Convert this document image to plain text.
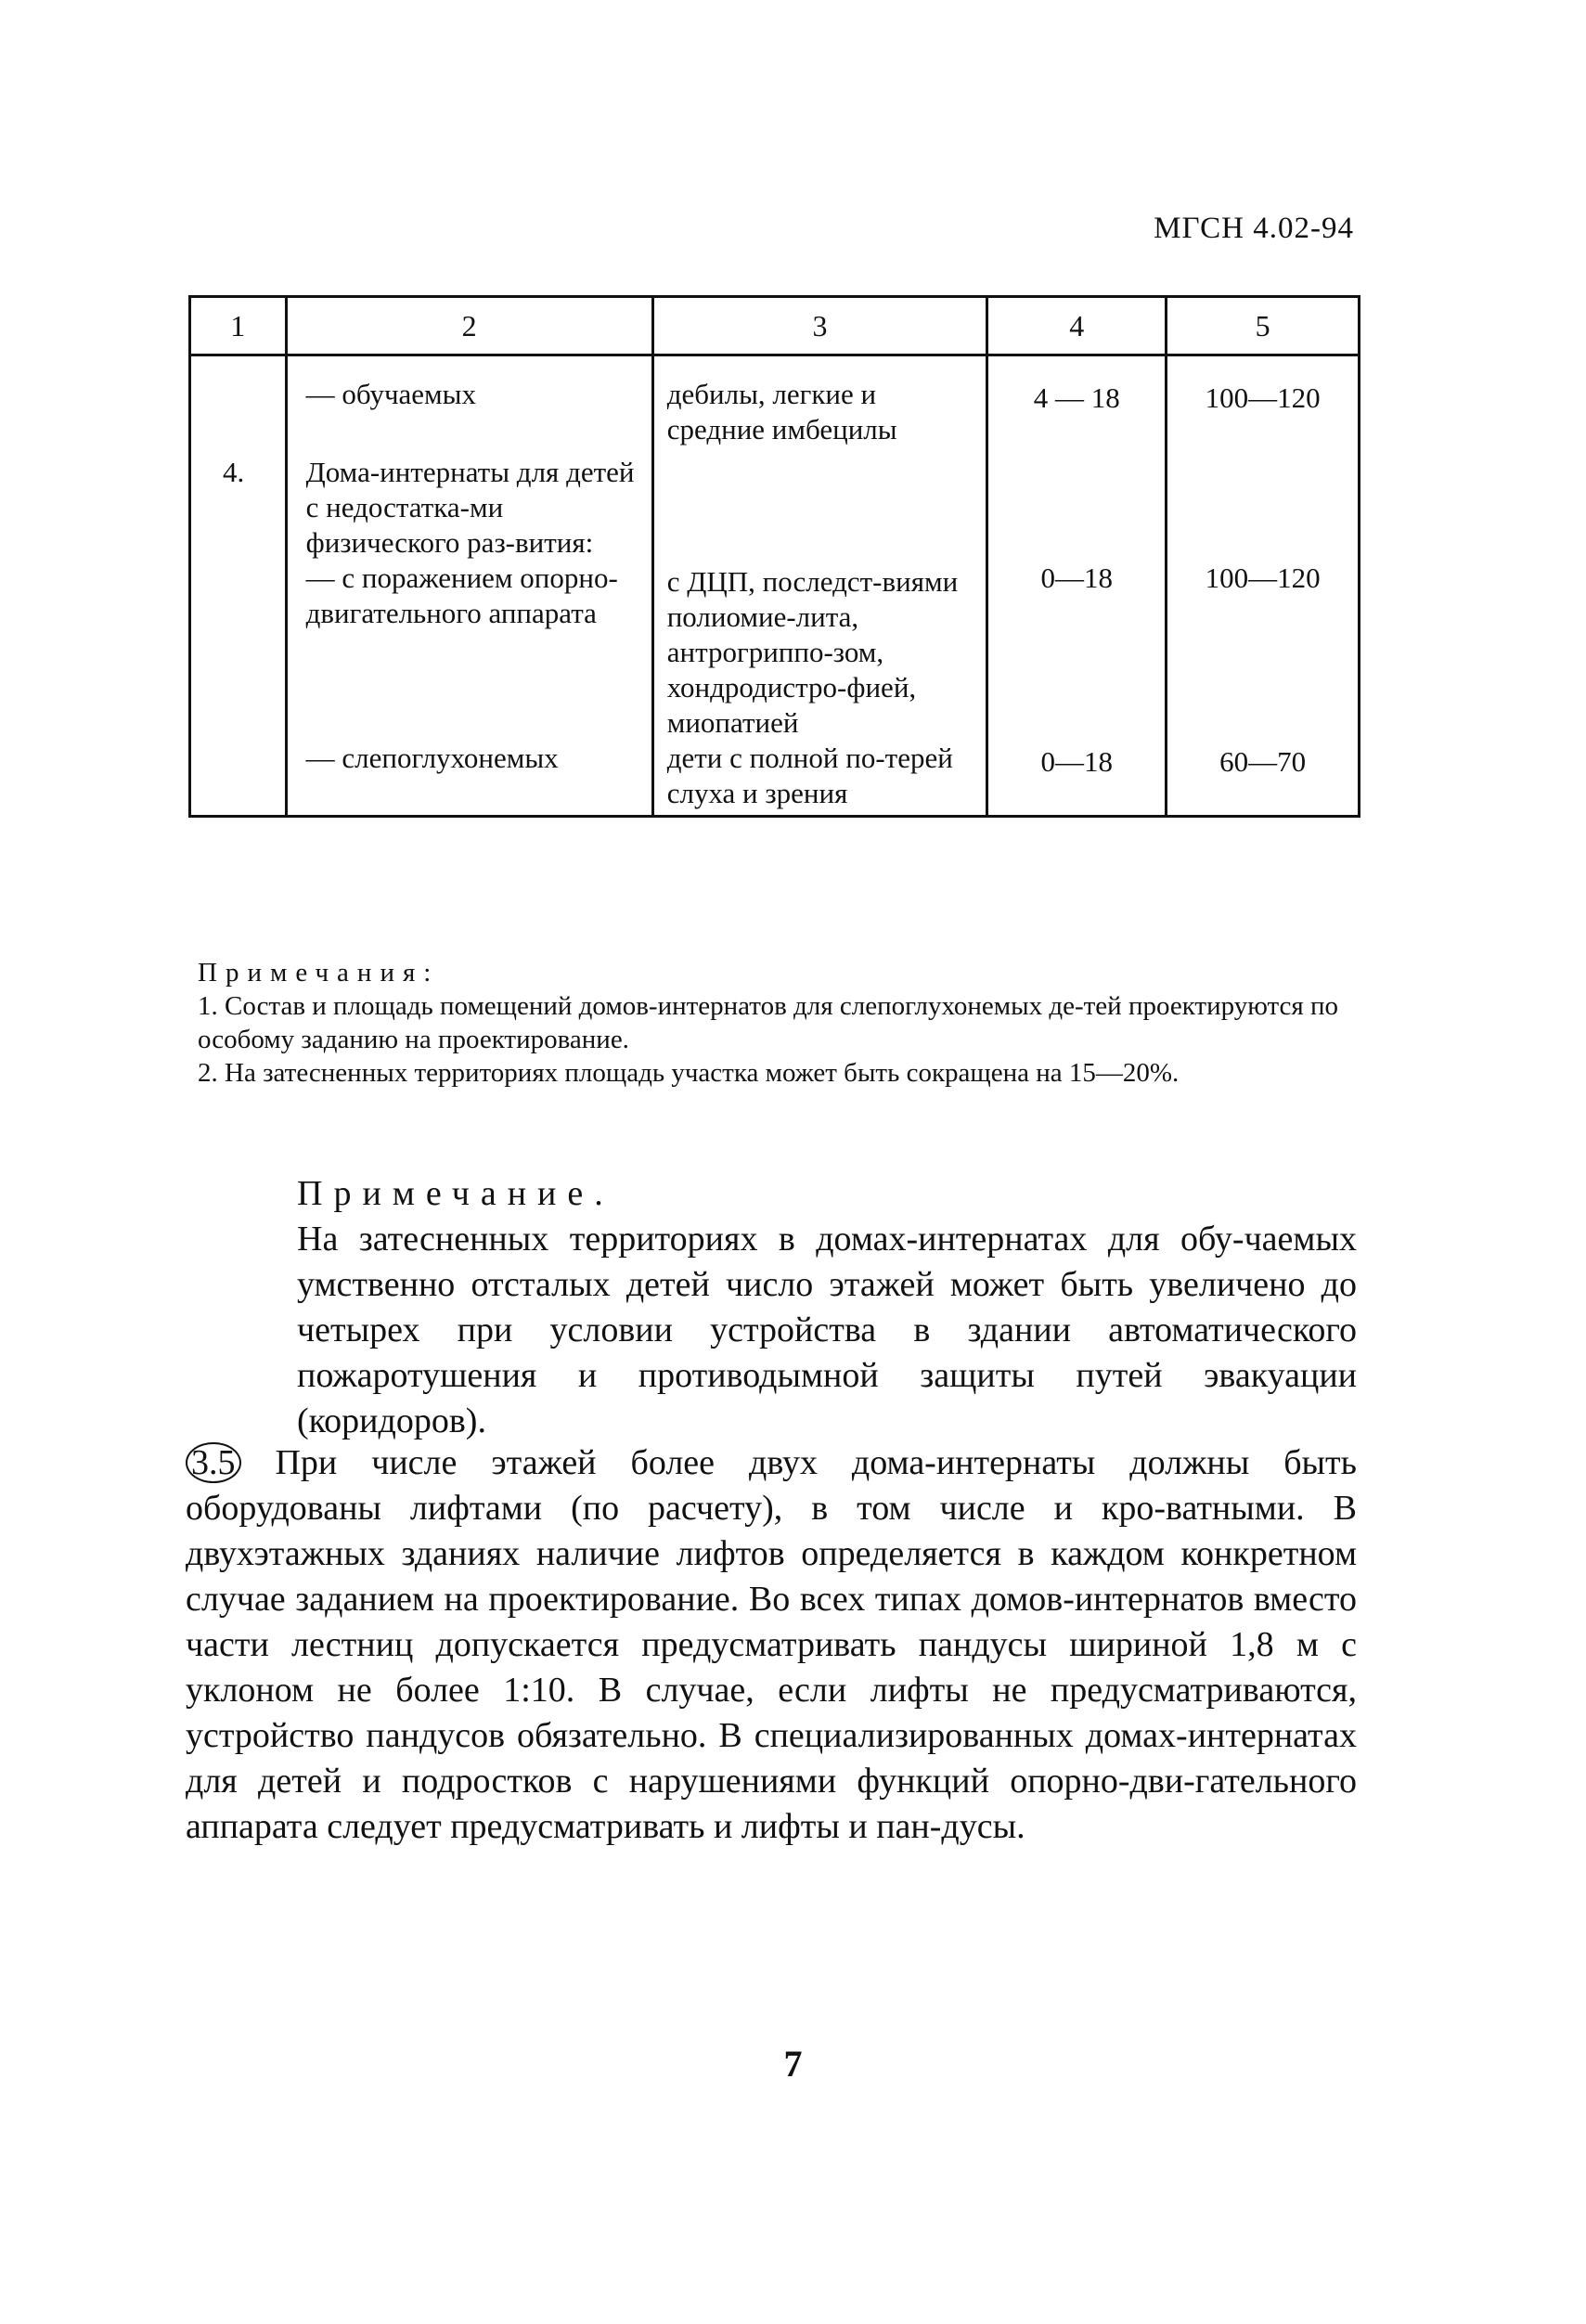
МГСН 4.02-94
1	2	3	4	5
	— обучаемых	дебилы, легкие и средние имбецилы	4 — 18	100—120
4.	Дома-интернаты для детей с недостатка-ми физического раз-вития:			
	— с поражением опорно-двигательного аппарата	с ДЦП, последст-виями полиомие-лита, антрогриппо-зом, хондродистро-фией, миопатией	0—18	100—120
	— слепоглухонемых	дети с полной по-терей слуха и зрения	0—18	60—70
Примечания:
1. Состав и площадь помещений домов-интернатов для слепоглухонемых де-тей проектируются по особому заданию на проектирование.
2. На затесненных территориях площадь участка может быть сокращена на 15—20%.
Примечание.
На затесненных территориях в домах-интернатах для обу-чаемых умственно отсталых детей число этажей может быть увеличено до четырех при условии устройства в здании автоматического пожаротушения и противодымной защиты путей эвакуации (коридоров).
3.5 При числе этажей более двух дома-интернаты должны быть оборудованы лифтами (по расчету), в том числе и кро-ватными. В двухэтажных зданиях наличие лифтов определяется в каждом конкретном случае заданием на проектирование. Во всех типах домов-интернатов вместо части лестниц допускается предусматривать пандусы шириной 1,8 м с уклоном не более 1:10. В случае, если лифты не предусматриваются, устройство пандусов обязательно. В специализированных домах-интернатах для детей и подростков с нарушениями функций опорно-дви-гательного аппарата следует предусматривать и лифты и пан-дусы.
7
